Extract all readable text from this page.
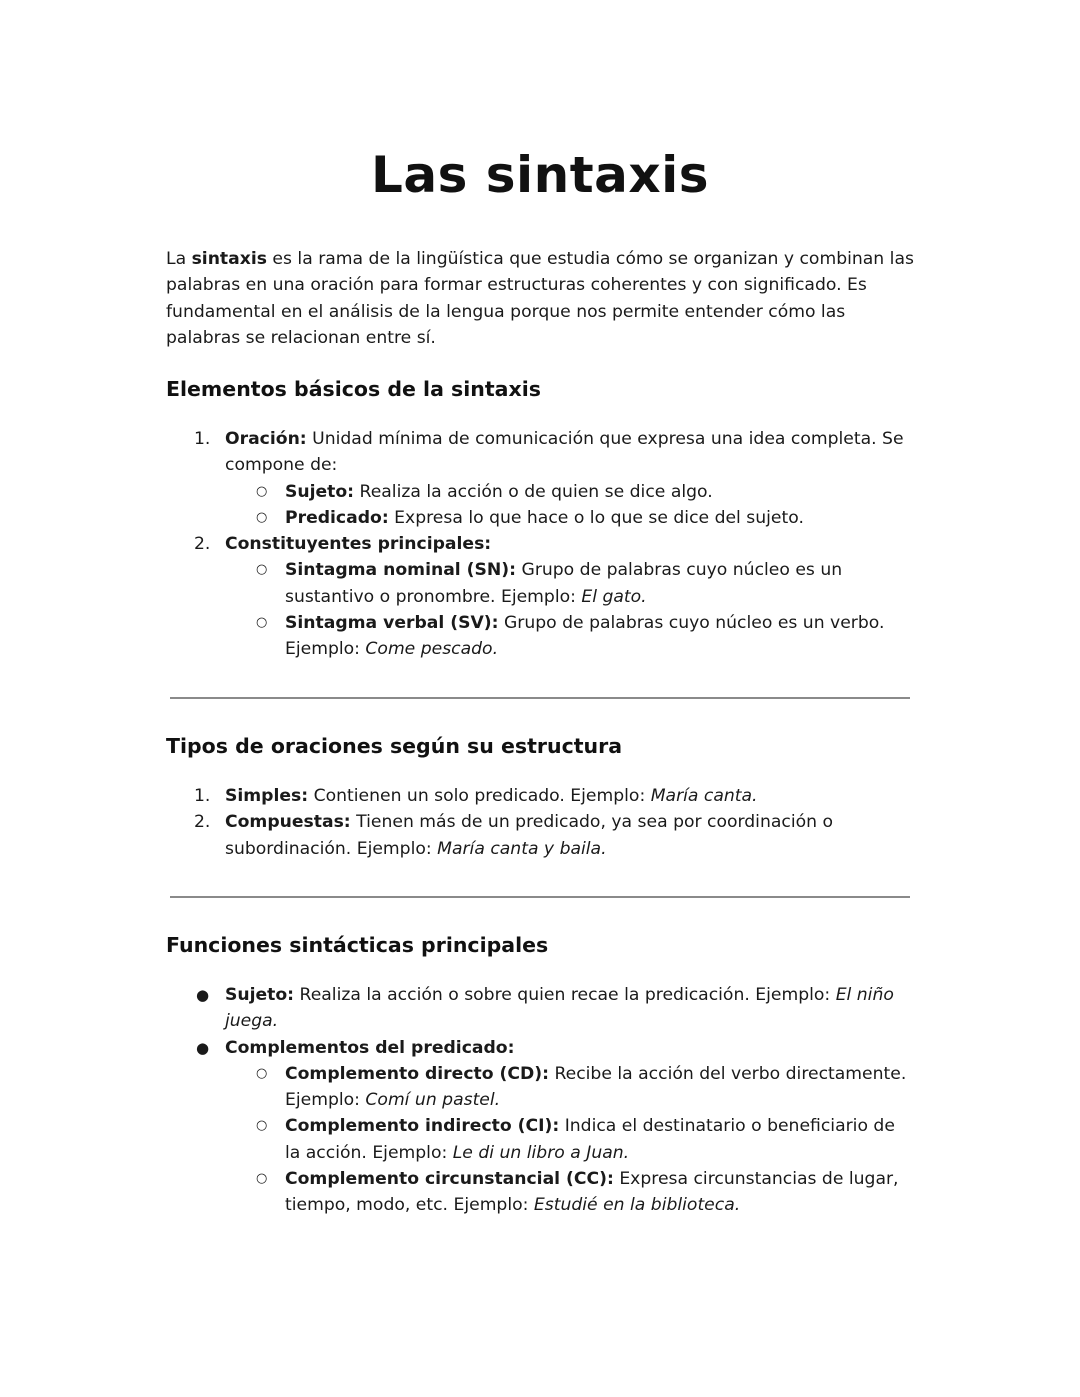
Las sintaxis

La sintaxis es la rama de la lingüística que estudia cómo se organizan y combinan las palabras en una oración para formar estructuras coherentes y con significado. Es fundamental en el análisis de la lengua porque nos permite entender cómo las palabras se relacionan entre sí.

Elementos básicos de la sintaxis
1. Oración: Unidad mínima de comunicación que expresa una idea completa. Se compone de:
○ Sujeto: Realiza la acción o de quien se dice algo.
○ Predicado: Expresa lo que hace o lo que se dice del sujeto.
2. Constituyentes principales:
○ Sintagma nominal (SN): Grupo de palabras cuyo núcleo es un sustantivo o pronombre. Ejemplo: El gato.
○ Sintagma verbal (SV): Grupo de palabras cuyo núcleo es un verbo. Ejemplo: Come pescado.
Tipos de oraciones según su estructura
1. Simples: Contienen un solo predicado. Ejemplo: María canta.
2. Compuestas: Tienen más de un predicado, ya sea por coordinación o subordinación. Ejemplo: María canta y baila.
Funciones sintácticas principales
● Sujeto: Realiza la acción o sobre quien recae la predicación. Ejemplo: El niño juega.
● Complementos del predicado:
○ Complemento directo (CD): Recibe la acción del verbo directamente. Ejemplo: Comí un pastel.
○ Complemento indirecto (CI): Indica el destinatario o beneficiario de la acción. Ejemplo: Le di un libro a Juan.
○ Complemento circunstancial (CC): Expresa circunstancias de lugar, tiempo, modo, etc. Ejemplo: Estudié en la biblioteca.
